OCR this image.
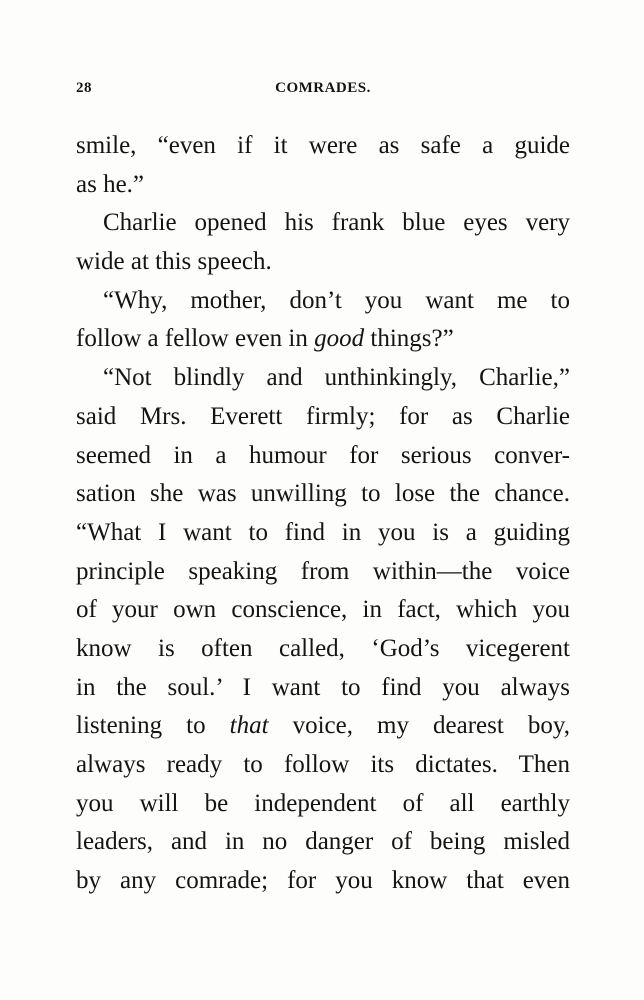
28	COMRADES.
smile, “even if it were as safe a guide
as he.”
Charlie opened his frank blue eyes very
wide at this speech.
“Why, mother, don’t you want me to
follow a fellow even in good things?”
“Not blindly and unthinkingly, Charlie,”
said Mrs. Everett firmly; for as Charlie
seemed in a humour for serious conver-
sation she was unwilling to lose the chance.
“What I want to find in you is a guiding
principle speaking from within—the voice
of your own conscience, in fact, which you
know is often called, ‘God’s vicegerent
in the soul.’ I want to find you always
listening to that voice, my dearest boy,
always ready to follow its dictates. Then
you will be independent of all earthly
leaders, and in no danger of being misled
by any comrade; for you know that even
